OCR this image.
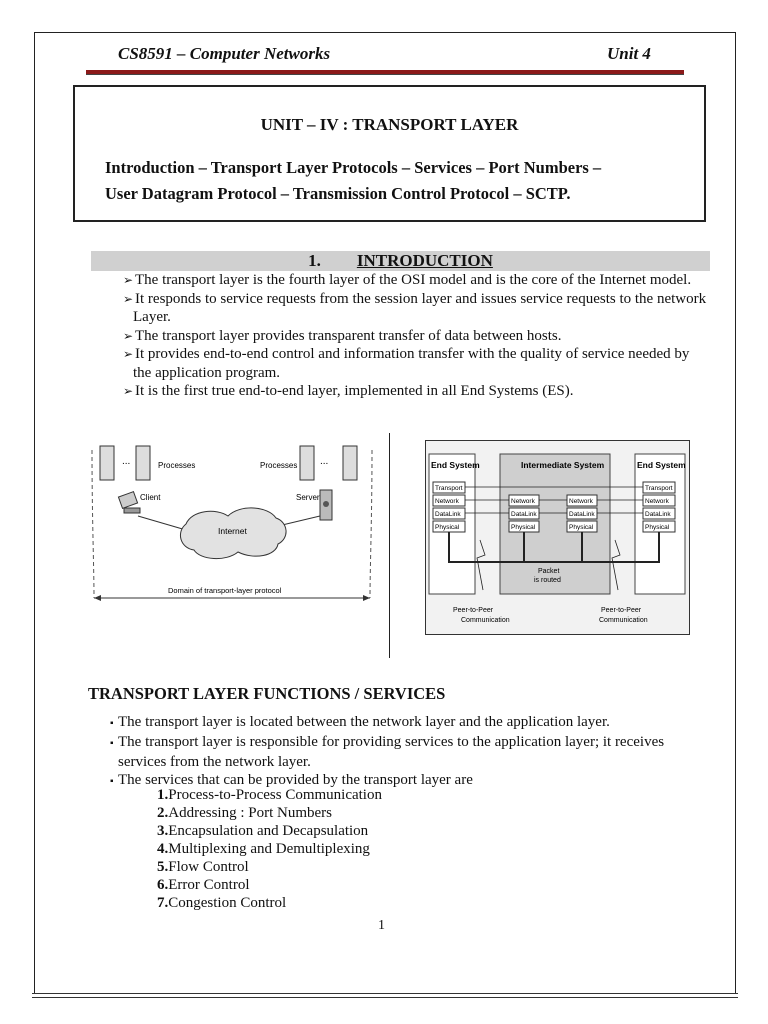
CS8591 – Computer Networks	Unit 4
UNIT – IV : TRANSPORT LAYER
Introduction – Transport Layer Protocols – Services – Port Numbers –
User Datagram Protocol – Transmission Control Protocol – SCTP.
1. INTRODUCTION

➢ The transport layer is the fourth layer of the OSI model and is the core of the Internet model.

➢ It responds to service requests from the session layer and issues service requests to the network Layer.

➢ The transport layer provides transparent transfer of data between hosts.

➢ It provides end-to-end control and information transfer with the quality of service needed by the application program.

➢ It is the first true end-to-end layer, implemented in all End Systems (ES).

...	...
Processes	Processes
Client	Server
Internet
Domain of transport-layer protocol
End System	Intermediate System	End System
Transport
Network
DataLink
Physical
Network
DataLink
Physical
Network
DataLink
Physical
Transport
Network
DataLink
Physical
Packet
is routed
Peer-to-Peer
Communication
Peer-to-Peer
Communication
TRANSPORT LAYER FUNCTIONS / SERVICES

▪ The transport layer is located between the network layer and the application layer.

▪ The transport layer is responsible for providing services to the application layer; it receives services from the network layer.

▪ The services that can be provided by the transport layer are

1.Process-to-Process Communication
2.Addressing : Port Numbers
3.Encapsulation and Decapsulation
4.Multiplexing and Demultiplexing
5.Flow Control
6.Error Control
7.Congestion Control
1
